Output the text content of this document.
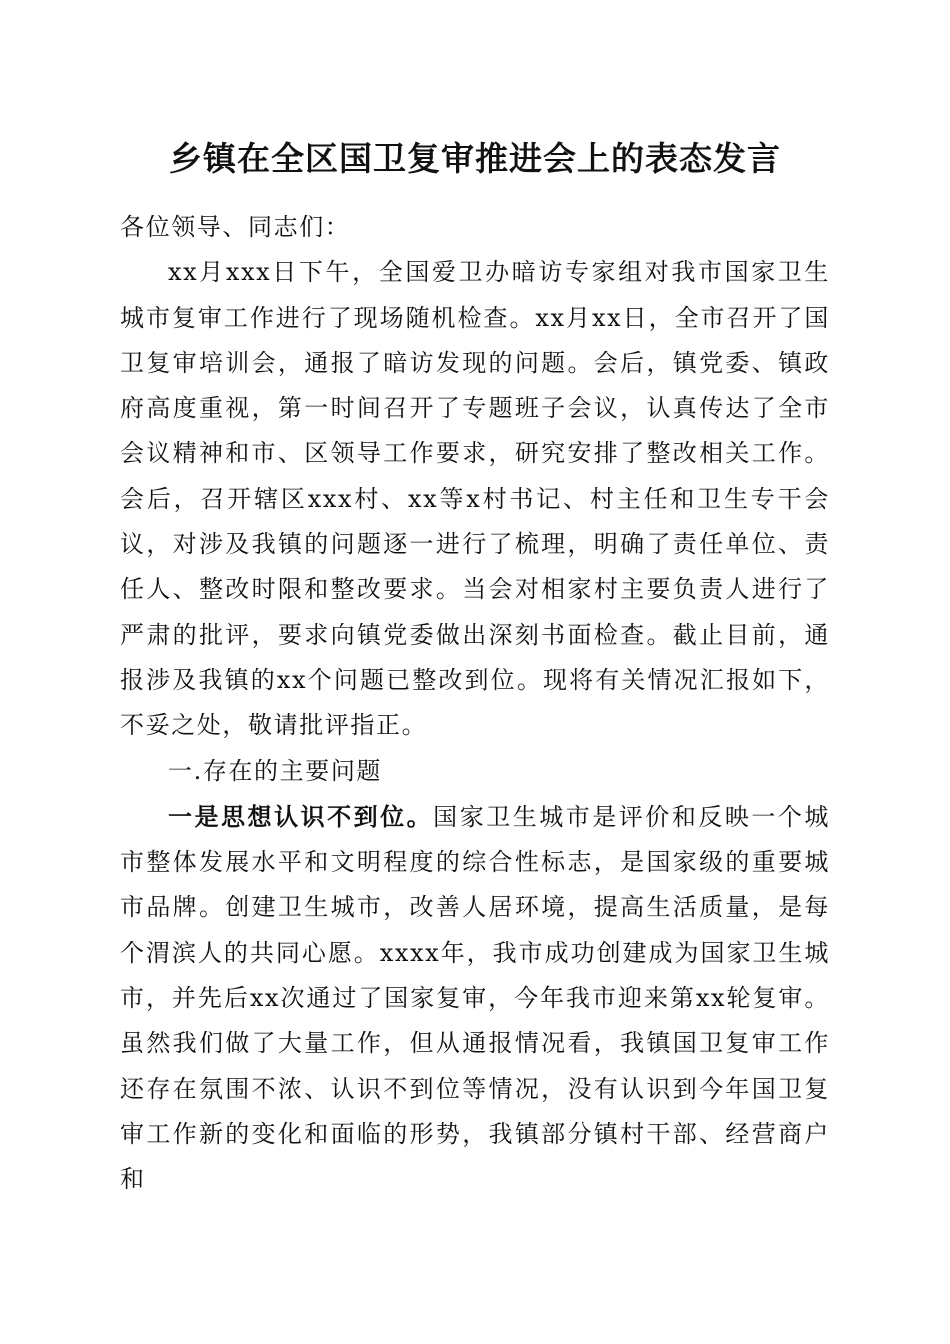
乡镇在全区国卫复审推进会上的表态发言

各位领导、同志们：

xx月xxx日下午，全国爱卫办暗访专家组对我市国家卫生城市复审工作进行了现场随机检查。xx月xx日，全市召开了国卫复审培训会，通报了暗访发现的问题。会后，镇党委、镇政府高度重视，第一时间召开了专题班子会议，认真传达了全市会议精神和市、区领导工作要求，研究安排了整改相关工作。会后，召开辖区xxx村、xx等x村书记、村主任和卫生专干会议，对涉及我镇的问题逐一进行了梳理，明确了责任单位、责任人、整改时限和整改要求。当会对相家村主要负责人进行了严肃的批评，要求向镇党委做出深刻书面检查。截止目前，通报涉及我镇的xx个问题已整改到位。现将有关情况汇报如下，不妥之处，敬请批评指正。

一.存在的主要问题

一是思想认识不到位。国家卫生城市是评价和反映一个城市整体发展水平和文明程度的综合性标志，是国家级的重要城市品牌。创建卫生城市，改善人居环境，提高生活质量，是每个渭滨人的共同心愿。xxxx年，我市成功创建成为国家卫生城市，并先后xx次通过了国家复审，今年我市迎来第xx轮复审。虽然我们做了大量工作，但从通报情况看，我镇国卫复审工作还存在氛围不浓、认识不到位等情况，没有认识到今年国卫复审工作新的变化和面临的形势，我镇部分镇村干部、经营商户和
